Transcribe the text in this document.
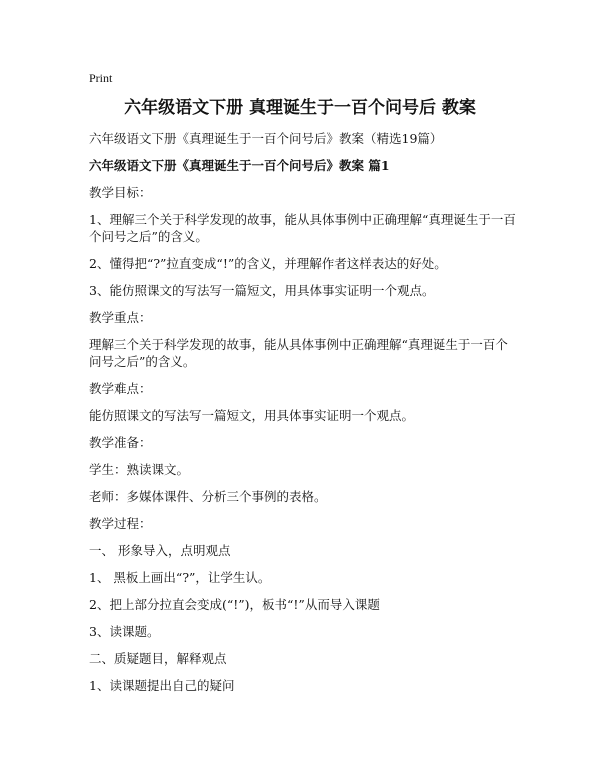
Print
六年级语文下册 真理诞生于一百个问号后 教案

六年级语文下册《真理诞生于一百个问号后》教案（精选19篇）

六年级语文下册《真理诞生于一百个问号后》教案 篇1

教学目标：

1、理解三个关于科学发现的故事，能从具体事例中正确理解“真理诞生于一百个问号之后”的含义。

2、懂得把“?”拉直变成“!”的含义，并理解作者这样表达的好处。

3、能仿照课文的写法写一篇短文，用具体事实证明一个观点。

教学重点：

理解三个关于科学发现的故事，能从具体事例中正确理解“真理诞生于一百个问号之后”的含义。

教学难点：

能仿照课文的写法写一篇短文，用具体事实证明一个观点。

教学准备：

学生：熟读课文。

老师：多媒体课件、分析三个事例的表格。

教学过程：

一、 形象导入，点明观点

1、 黑板上画出“?”，让学生认。

2、把上部分拉直会变成(“!”)，板书“!”从而导入课题

3、读课题。

二、质疑题目，解释观点

1、读课题提出自己的疑问
